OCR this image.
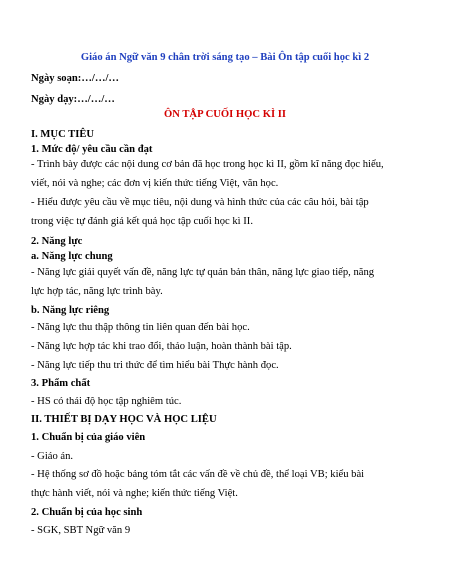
Giáo án Ngữ văn 9 chân trời sáng tạo – Bài Ôn tập cuối học kì 2
Ngày soạn:…/…/…
Ngày dạy:…/…/…
ÔN TẬP CUỐI HỌC KÌ II
I. MỤC TIÊU
1. Mức độ/ yêu cầu cần đạt
- Trình bày được các nội dung cơ bản đã học trong học kì II, gồm kĩ năng đọc hiểu,
viết, nói và nghe; các đơn vị kiến thức tiếng Việt, văn học.
- Hiểu được yêu cầu về mục tiêu, nội dung và hình thức của các câu hỏi, bài tập
trong việc tự đánh giá kết quả học tập cuối học kì II.
2. Năng lực
a. Năng lực chung
- Năng lực giải quyết vấn đề, năng lực tự quản bản thân, năng lực giao tiếp, năng
lực hợp tác, năng lực trình bày.
b. Năng lực riêng
- Năng lực thu thập thông tin liên quan đến bài học.
- Năng lực hợp tác khi trao đổi, thảo luận, hoàn thành bài tập.
- Năng lực tiếp thu tri thức để tìm hiểu bài Thực hành đọc.
3. Phẩm chất
- HS có thái độ học tập nghiêm túc.
II. THIẾT BỊ DẠY HỌC VÀ HỌC LIỆU
1. Chuẩn bị của giáo viên
- Giáo án.
- Hệ thống sơ đồ hoặc bảng tóm tắt các vấn đề về chủ đề, thể loại VB; kiểu bài
thực hành viết, nói và nghe; kiến thức tiếng Việt.
2. Chuẩn bị của học sinh
- SGK, SBT Ngữ văn 9
